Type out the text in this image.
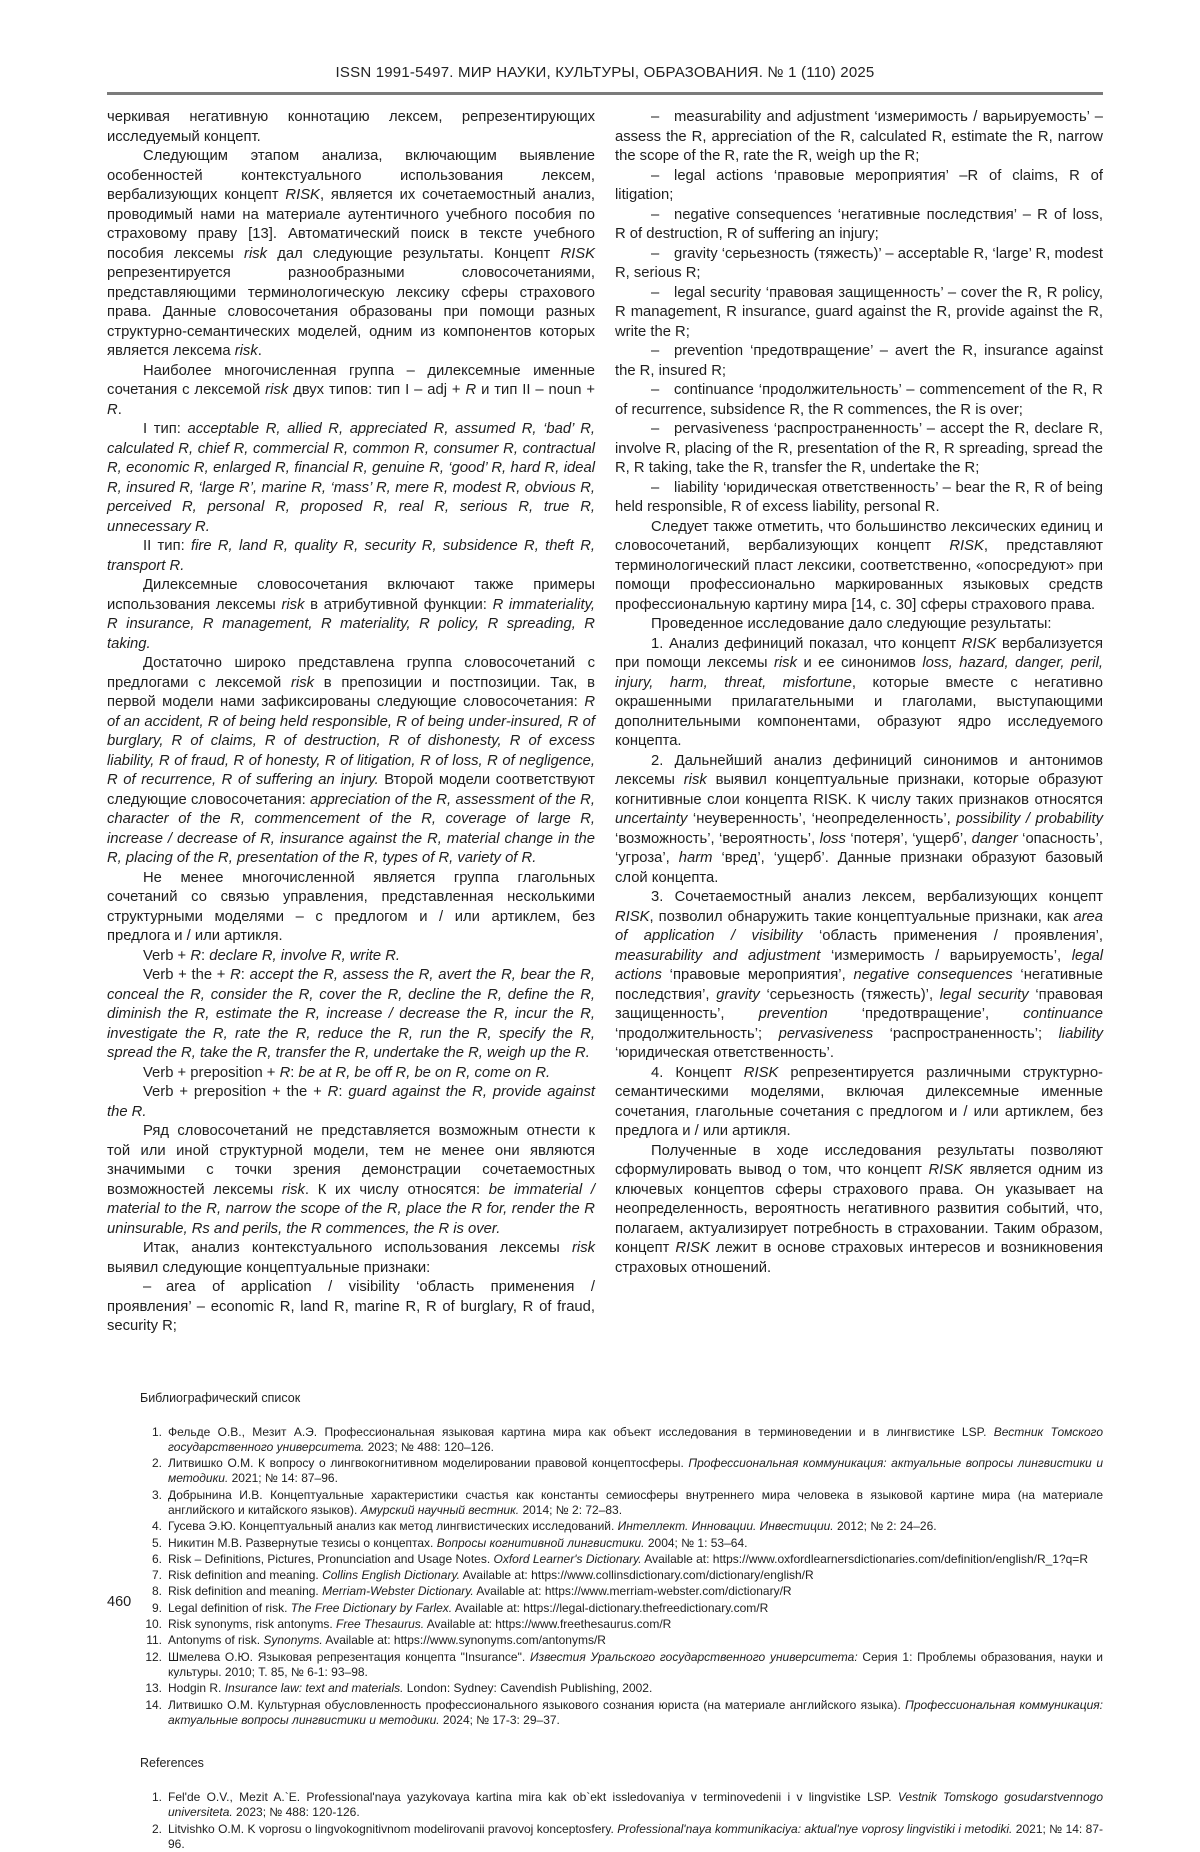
ISSN 1991-5497. МИР НАУКИ, КУЛЬТУРЫ, ОБРАЗОВАНИЯ. № 1 (110) 2025

черкивая негативную коннотацию лексем, репрезентирующих исследуемый концепт.

Следующим этапом анализа, включающим выявление особенностей контекстуального использования лексем, вербализующих концепт RISK, является их сочетаемостный анализ, проводимый нами на материале аутентичного учебного пособия по страховому праву [13]. Автоматический поиск в тексте учебного пособия лексемы risk дал следующие результаты. Концепт RISK репрезентируется разнообразными словосочетаниями, представляющими терминологическую лексику сферы страхового права. Данные словосочетания образованы при помощи разных структурно-семантических моделей, одним из компонентов которых является лексема risk.

Наиболее многочисленная группа – дилексемные именные сочетания с лексемой risk двух типов: тип I – adj + R и тип II – noun + R.

I тип: acceptable R, allied R, appreciated R, assumed R, ‘bad’ R, calculated R, chief R, commercial R, common R, consumer R, contractual R, economic R, enlarged R, financial R, genuine R, ‘good’ R, hard R, ideal R, insured R, ‘large R’, marine R, ‘mass’ R, mere R, modest R, obvious R, perceived R, personal R, proposed R, real R, serious R, true R, unnecessary R.

II тип: fire R, land R, quality R, security R, subsidence R, theft R, transport R.

Дилексемные словосочетания включают также примеры использования лексемы risk в атрибутивной функции: R immateriality, R insurance, R management, R materiality, R policy, R spreading, R taking.

Достаточно широко представлена группа словосочетаний с предлогами с лексемой risk в препозиции и постпозиции. Так, в первой модели нами зафиксированы следующие словосочетания: R of an accident, R of being held responsible, R of being under-insured, R of burglary, R of claims, R of destruction, R of dishonesty, R of excess liability, R of fraud, R of honesty, R of litigation, R of loss, R of negligence, R of recurrence, R of suffering an injury. Второй модели соответствуют следующие словосочетания: appreciation of the R, assessment of the R, character of the R, commencement of the R, coverage of large R, increase / decrease of R, insurance against the R, material change in the R, placing of the R, presentation of the R, types of R, variety of R.

Не менее многочисленной является группа глагольных сочетаний со связью управления, представленная несколькими структурными моделями – с предлогом и / или артиклем, без предлога и / или артикля.

Verb + R: declare R, involve R, write R.

Verb + the + R: accept the R, assess the R, avert the R, bear the R, conceal the R, consider the R, cover the R, decline the R, define the R, diminish the R, estimate the R, increase / decrease the R, incur the R, investigate the R, rate the R, reduce the R, run the R, specify the R, spread the R, take the R, transfer the R, undertake the R, weigh up the R.

Verb + preposition + R: be at R, be off R, be on R, come on R.

Verb + preposition + the + R: guard against the R, provide against the R.

Ряд словосочетаний не представляется возможным отнести к той или иной структурной модели, тем не менее они являются значимыми с точки зрения демонстрации сочетаемостных возможностей лексемы risk. К их числу относятся: be immaterial / material to the R, narrow the scope of the R, place the R for, render the R uninsurable, Rs and perils, the R commences, the R is over.

Итак, анализ контекстуального использования лексемы risk выявил следующие концептуальные признаки:

– area of application / visibility ‘область применения / проявления’ – economic R, land R, marine R, R of burglary, R of fraud, security R;

– measurability and adjustment ‘измеримость / варьируемость’ – assess the R, appreciation of the R, calculated R, estimate the R, narrow the scope of the R, rate the R, weigh up the R;

– legal actions ‘правовые мероприятия’ –R of claims, R of litigation;

– negative consequences ‘негативные последствия’ – R of loss, R of destruction, R of suffering an injury;

– gravity ‘серьезность (тяжесть)’ – acceptable R, ‘large’ R, modest R, serious R;

– legal security ‘правовая защищенность’ – cover the R, R policy, R management, R insurance, guard against the R, provide against the R, write the R;

– prevention ‘предотвращение’ – avert the R, insurance against the R, insured R;

– continuance ‘продолжительность’ – commencement of the R, R of recurrence, subsidence R, the R commences, the R is over;

– pervasiveness ‘распространенность’ – accept the R, declare R, involve R, placing of the R, presentation of the R, R spreading, spread the R, R taking, take the R, transfer the R, undertake the R;

– liability ‘юридическая ответственность’ – bear the R, R of being held responsible, R of excess liability, personal R.

Следует также отметить, что большинство лексических единиц и словосочетаний, вербализующих концепт RISK, представляют терминологический пласт лексики, соответственно, «опосредуют» при помощи профессионально маркированных языковых средств профессиональную картину мира [14, с. 30] сферы страхового права.

Проведенное исследование дало следующие результаты:

1. Анализ дефиниций показал, что концепт RISK вербализуется при помощи лексемы risk и ее синонимов loss, hazard, danger, peril, injury, harm, threat, misfortune, которые вместе с негативно окрашенными прилагательными и глаголами, выступающими дополнительными компонентами, образуют ядро исследуемого концепта.

2. Дальнейший анализ дефиниций синонимов и антонимов лексемы risk выявил концептуальные признаки, которые образуют когнитивные слои концепта RISK. К числу таких признаков относятся uncertainty ‘неуверенность’, ‘неопределенность’, possibility / probability ‘возможность’, ‘вероятность’, loss ‘потеря’, ‘ущерб’, danger ‘опасность’, ‘угроза’, harm ‘вред’, ‘ущерб’. Данные признаки образуют базовый слой концепта.

3. Сочетаемостный анализ лексем, вербализующих концепт RISK, позволил обнаружить такие концептуальные признаки, как area of application / visibility ‘область применения / проявления’, measurability and adjustment ‘измеримость / варьируемость’, legal actions ‘правовые мероприятия’, negative consequences ‘негативные последствия’, gravity ‘серьезность (тяжесть)’, legal security ‘правовая защищенность’, prevention ‘предотвращение’, continuance ‘продолжительность’; pervasiveness ‘распространенность’; liability ‘юридическая ответственность’.

4. Концепт RISK репрезентируется различными структурно-семантическими моделями, включая дилексемные именные сочетания, глагольные сочетания с предлогом и / или артиклем, без предлога и / или артикля.

Полученные в ходе исследования результаты позволяют сформулировать вывод о том, что концепт RISK является одним из ключевых концептов сферы страхового права. Он указывает на неопределенность, вероятность негативного развития событий, что, полагаем, актуализирует потребность в страховании. Таким образом, концепт RISK лежит в основе страховых интересов и возникновения страховых отношений.

Библиографический список
1. Фельде О.В., Мезит А.Э. Профессиональная языковая картина мира как объект исследования в терминоведении и в лингвистике LSP. Вестник Томского государственного университета. 2023; № 488: 120–126.
2. Литвишко О.М. К вопросу о лингвокогнитивном моделировании правовой концептосферы. Профессиональная коммуникация: актуальные вопросы лингвистики и методики. 2021; № 14: 87–96.
3. Добрынина И.В. Концептуальные характеристики счастья как константы семиосферы внутреннего мира человека в языковой картине мира (на материале английского и китайского языков). Амурский научный вестник. 2014; № 2: 72–83.
4. Гусева Э.Ю. Концептуальный анализ как метод лингвистических исследований. Интеллект. Инновации. Инвестиции. 2012; № 2: 24–26.
5. Никитин М.В. Развернутые тезисы о концептах. Вопросы когнитивной лингвистики. 2004; № 1: 53–64.
6. Risk – Definitions, Pictures, Pronunciation and Usage Notes. Oxford Learner's Dictionary. Available at: https://www.oxfordlearnersdictionaries.com/definition/english/R_1?q=R
7. Risk definition and meaning. Collins English Dictionary. Available at: https://www.collinsdictionary.com/dictionary/english/R
8. Risk definition and meaning. Merriam-Webster Dictionary. Available at: https://www.merriam-webster.com/dictionary/R
9. Legal definition of risk. The Free Dictionary by Farlex. Available at: https://legal-dictionary.thefreedictionary.com/R
10. Risk synonyms, risk antonyms. Free Thesaurus. Available at: https://www.freethesaurus.com/R
11. Antonyms of risk. Synonyms. Available at: https://www.synonyms.com/antonyms/R
12. Шмелева О.Ю. Языковая репрезентация концепта "Insurance". Известия Уральского государственного университета: Серия 1: Проблемы образования, науки и культуры. 2010; Т. 85, № 6-1: 93–98.
13. Hodgin R. Insurance law: text and materials. London: Sydney: Cavendish Publishing, 2002.
14. Литвишко О.М. Культурная обусловленность профессионального языкового сознания юриста (на материале английского языка). Профессиональная коммуникация: актуальные вопросы лингвистики и методики. 2024; № 17-3: 29–37.
References
1. Fel'de O.V., Mezit A.`E. Professional'naya yazykovaya kartina mira kak ob`ekt issledovaniya v terminovedenii i v lingvistike LSP. Vestnik Tomskogo gosudarstvennogo universiteta. 2023; № 488: 120-126.
2. Litvishko O.M. K voprosu o lingvokognitivnom modelirovanii pravovoj konceptosfery. Professional'naya kommunikaciya: aktual'nye voprosy lingvistiki i metodiki. 2021; № 14: 87-96.
460
